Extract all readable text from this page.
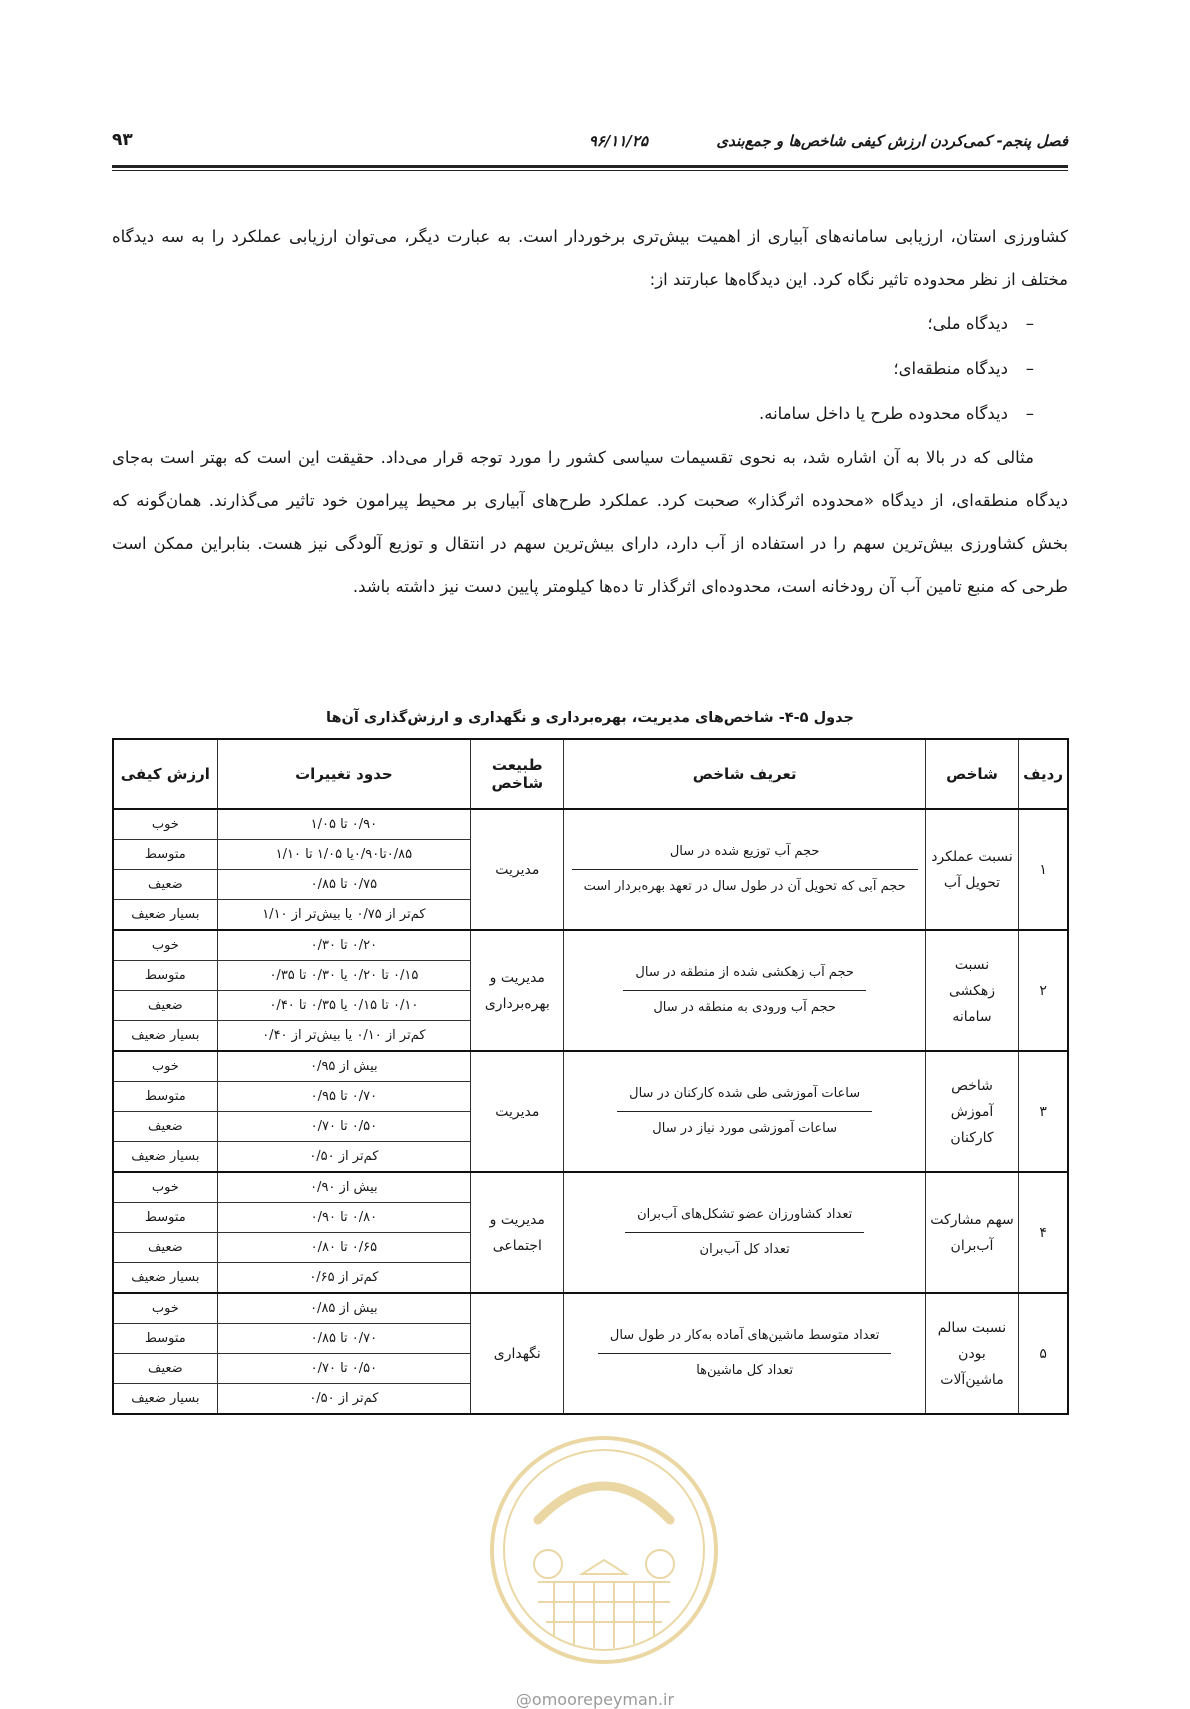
فصل پنجم- کمی‌کردن ارزش کیفی شاخص‌ها و جمع‌بندی
۹۶/۱۱/۲۵
۹۳

کشاورزی استان، ارزیابی سامانه‌های آبیاری از اهمیت بیش‌تری برخوردار است. به عبارت دیگر، می‌توان ارزیابی عملکرد را به سه دیدگاه مختلف از نظر محدوده تاثیر نگاه کرد. این دیدگاه‌ها عبارتند از:

–دیدگاه ملی؛
–دیدگاه منطقه‌ای؛
–دیدگاه محدوده طرح یا داخل سامانه.

مثالی که در بالا به آن اشاره شد، به نحوی تقسیمات سیاسی کشور را مورد توجه قرار می‌داد. حقیقت این است که بهتر است به‌جای دیدگاه منطقه‌ای، از دیدگاه «محدوده اثرگذار» صحبت کرد. عملکرد طرح‌های آبیاری بر محیط پیرامون خود تاثیر می‌گذارند. همان‌گونه که بخش کشاورزی بیش‌ترین سهم را در استفاده از آب دارد، دارای بیش‌ترین سهم در انتقال و توزیع آلودگی نیز هست. بنابراین ممکن است طرحی که منبع تامین آب آن رودخانه است، محدوده‌ای اثرگذار تا ده‌ها کیلومتر پایین دست نیز داشته باشد.

جدول ۵-۴- شاخص‌های مدیریت، بهره‌برداری و نگهداری و ارزش‌گذاری آن‌ها
ردیف	شاخص	تعریف شاخص	طبیعت شاخص	حدود تغییرات	ارزش کیفی
۱	نسبت عملکرد تحویل آب	$\frac{\text{حجم آب توزیع شده در سال}}{\text{حجم آبی که تحویل آن در طول سال در تعهد بهره‌بردار است}}$	مدیریت	۰/۹۰ تا ۱/۰۵	خوب
				۰/۸۵تا۰/۹۰یا ۱/۰۵ تا ۱/۱۰	متوسط
				۰/۷۵ تا ۰/۸۵	ضعیف
				کم‌تر از ۰/۷۵ یا بیش‌تر از ۱/۱۰	بسیار ضعیف
۲	نسبت زهکشی سامانه	$\frac{\text{حجم آب زهکشی شده از منطقه در سال}}{\text{حجم آب ورودی به منطقه در سال}}$	مدیریت و بهره‌برداری	۰/۲۰ تا ۰/۳۰	خوب
				۰/۱۵ تا ۰/۲۰ یا ۰/۳۰ تا ۰/۳۵	متوسط
				۰/۱۰ تا ۰/۱۵ یا ۰/۳۵ تا ۰/۴۰	ضعیف
				کم‌تر از ۰/۱۰ یا بیش‌تر از ۰/۴۰	بسیار ضعیف
۳	شاخص آموزش کارکنان	$\frac{\text{ساعات آموزشی طی شده کارکنان در سال}}{\text{ساعات آموزشی مورد نیاز در سال}}$	مدیریت	بیش از ۰/۹۵	خوب
				۰/۷۰ تا ۰/۹۵	متوسط
				۰/۵۰ تا ۰/۷۰	ضعیف
				کم‌تر از ۰/۵۰	بسیار ضعیف
۴	سهم مشارکت آب‌بران	$\frac{\text{تعداد کشاورزان عضو تشکل‌های آب‌بران}}{\text{تعداد کل آب‌بران}}$	مدیریت و اجتماعی	بیش از ۰/۹۰	خوب
				۰/۸۰ تا ۰/۹۰	متوسط
				۰/۶۵ تا ۰/۸۰	ضعیف
				کم‌تر از ۰/۶۵	بسیار ضعیف
۵	نسبت سالم بودن ماشین‌آلات	$\frac{\text{تعداد متوسط ماشین‌های آماده به‌کار در طول سال}}{\text{تعداد کل ماشین‌ها}}$	نگهداری	بیش از ۰/۸۵	خوب
				۰/۷۰ تا ۰/۸۵	متوسط
				۰/۵۰ تا ۰/۷۰	ضعیف
				کم‌تر از ۰/۵۰	بسیار ضعیف
@omoorepeyman.ir
